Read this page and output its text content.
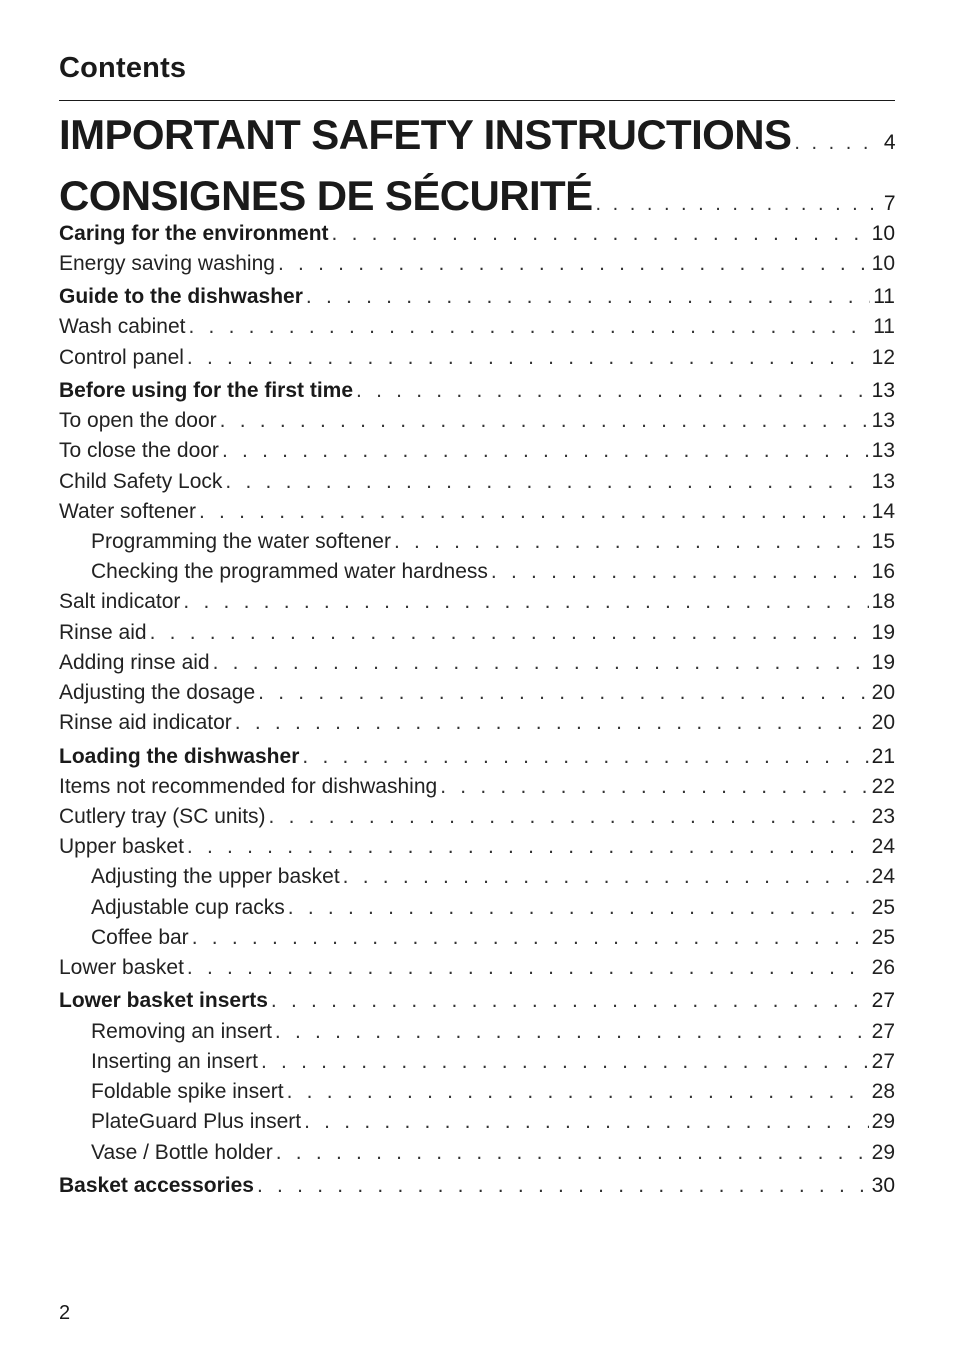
Contents
IMPORTANT SAFETY INSTRUCTIONS . . .	4
CONSIGNES DE SÉCURITÉ . . .	7
Caring for the environment . . .	10
Energy saving washing . . .	10
Guide to the dishwasher . . .	11
Wash cabinet . . .	11
Control panel . . .	12
Before using for the first time . . .	13
To open the door . . .	13
To close the door . . .	13
Child Safety Lock . . .	13
Water softener . . .	14
Programming the water softener . . .	15
Checking the programmed water hardness . . .	16
Salt indicator . . .	18
Rinse aid . . .	19
Adding rinse aid . . .	19
Adjusting the dosage . . .	20
Rinse aid indicator . . .	20
Loading the dishwasher . . .	21
Items not recommended for dishwashing . . .	22
Cutlery tray (SC units) . . .	23
Upper basket . . .	24
Adjusting the upper basket . . .	24
Adjustable cup racks . . .	25
Coffee bar . . .	25
Lower basket . . .	26
Lower basket inserts . . .	27
Removing an insert . . .	27
Inserting an insert . . .	27
Foldable spike insert . . .	28
PlateGuard Plus insert . . .	29
Vase / Bottle holder . . .	29
Basket accessories . . .	30
2
